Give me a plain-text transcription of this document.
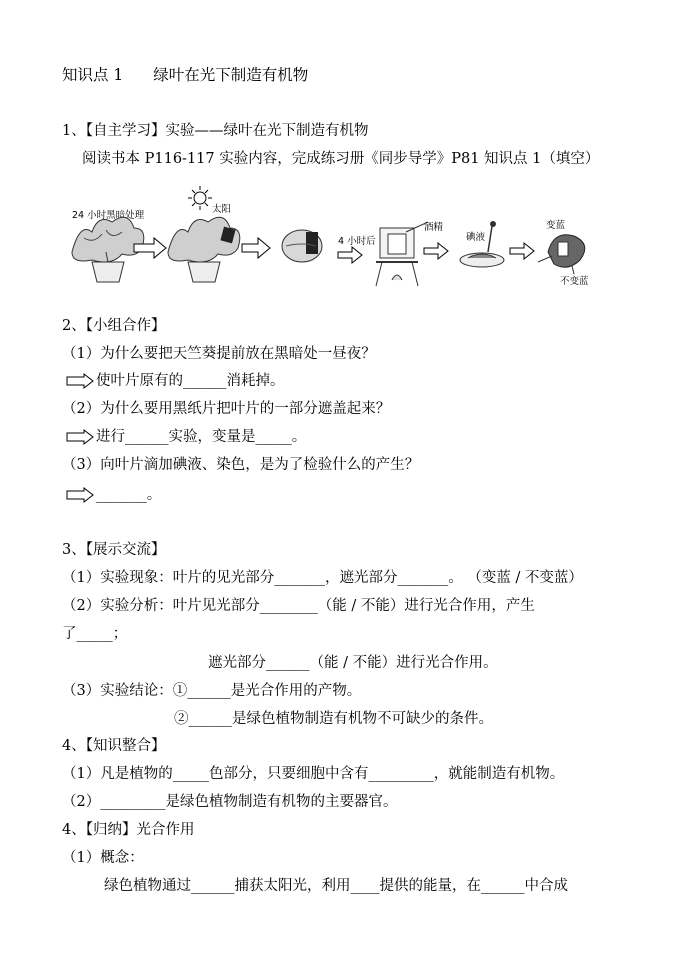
知识点 1 绿叶在光下制造有机物
1、【自主学习】实验——绿叶在光下制造有机物
阅读书本 P116-117 实验内容，完成练习册《同步导学》P81 知识点 1（填空）
24 小时黑暗处理
太阳
4 小时后
酒精
碘液
变蓝
不变蓝
2、【小组合作】
（1）为什么要把天竺葵提前放在黑暗处一昼夜？
使叶片原有的______消耗掉。
（2）为什么要用黑纸片把叶片的一部分遮盖起来？
进行______实验，变量是_____。
（3）向叶片滴加碘液、染色，是为了检验什么的产生？
_______。
3、【展示交流】
（1）实验现象：叶片的见光部分_______，遮光部分_______。 （变蓝 / 不变蓝）
（2）实验分析：叶片见光部分________（能 / 不能）进行光合作用，产生
了_____；
遮光部分______（能 / 不能）进行光合作用。
（3）实验结论：①______是光合作用的产物。
②______是绿色植物制造有机物不可缺少的条件。
4、【知识整合】
（1）凡是植物的_____色部分，只要细胞中含有_________，就能制造有机物。
（2）_________是绿色植物制造有机物的主要器官。
4、【归纳】光合作用
（1）概念：
绿色植物通过______捕获太阳光，利用____提供的能量，在______中合成
